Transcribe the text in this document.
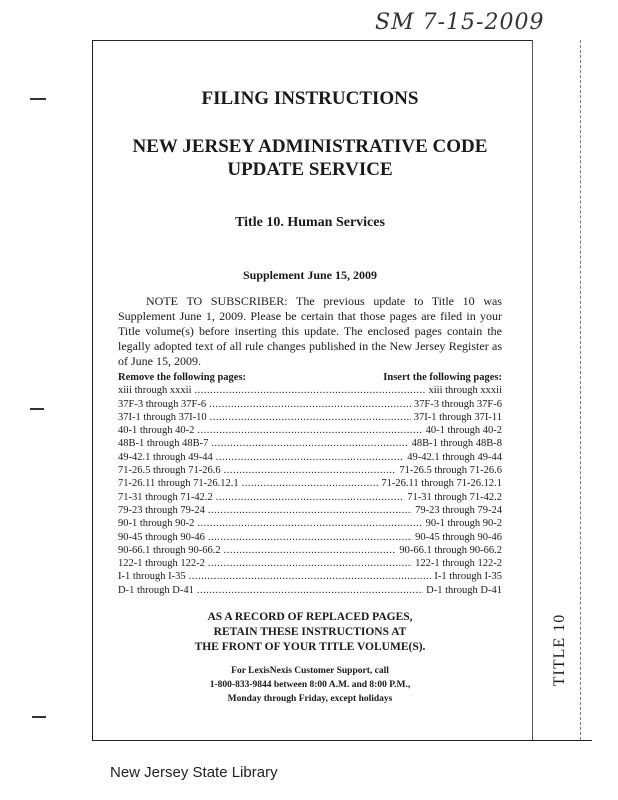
SM 7-15-2009
FILING INSTRUCTIONS
NEW JERSEY ADMINISTRATIVE CODE
UPDATE SERVICE
Title 10. Human Services
Supplement June 15, 2009
NOTE TO SUBSCRIBER: The previous update to Title 10 was Supplement June 1, 2009. Please be certain that those pages are filed in your Title volume(s) before inserting this update. The enclosed pages contain the legally adopted text of all rule changes published in the New Jersey Register as of June 15, 2009.
Remove the following pages:	Insert the following pages:
xiii through xxxii .....	xiii through xxxii
37F-3 through 37F-6 .....	37F-3 through 37F-6
37I-1 through 37I-10 .....	37I-1 through 37I-11
40-1 through 40-2 .....	40-1 through 40-2
48B-1 through 48B-7 .....	48B-1 through 48B-8
49-42.1 through 49-44 .....	49-42.1 through 49-44
71-26.5 through 71-26.6 .....	71-26.5 through 71-26.6
71-26.11 through 71-26.12.1 .....	71-26.11 through 71-26.12.1
71-31 through 71-42.2 .....	71-31 through 71-42.2
79-23 through 79-24 .....	79-23 through 79-24
90-1 through 90-2 .....	90-1 through 90-2
90-45 through 90-46 .....	90-45 through 90-46
90-66.1 through 90-66.2 .....	90-66.1 through 90-66.2
122-1 through 122-2 .....	122-1 through 122-2
I-1 through I-35 .....	I-1 through I-35
D-1 through D-41 .....	D-1 through D-41
AS A RECORD OF REPLACED PAGES,
RETAIN THESE INSTRUCTIONS AT
THE FRONT OF YOUR TITLE VOLUME(S).
For LexisNexis Customer Support, call
1-800-833-9844 between 8:00 A.M. and 8:00 P.M.,
Monday through Friday, except holidays
TITLE 10
New Jersey State Library
